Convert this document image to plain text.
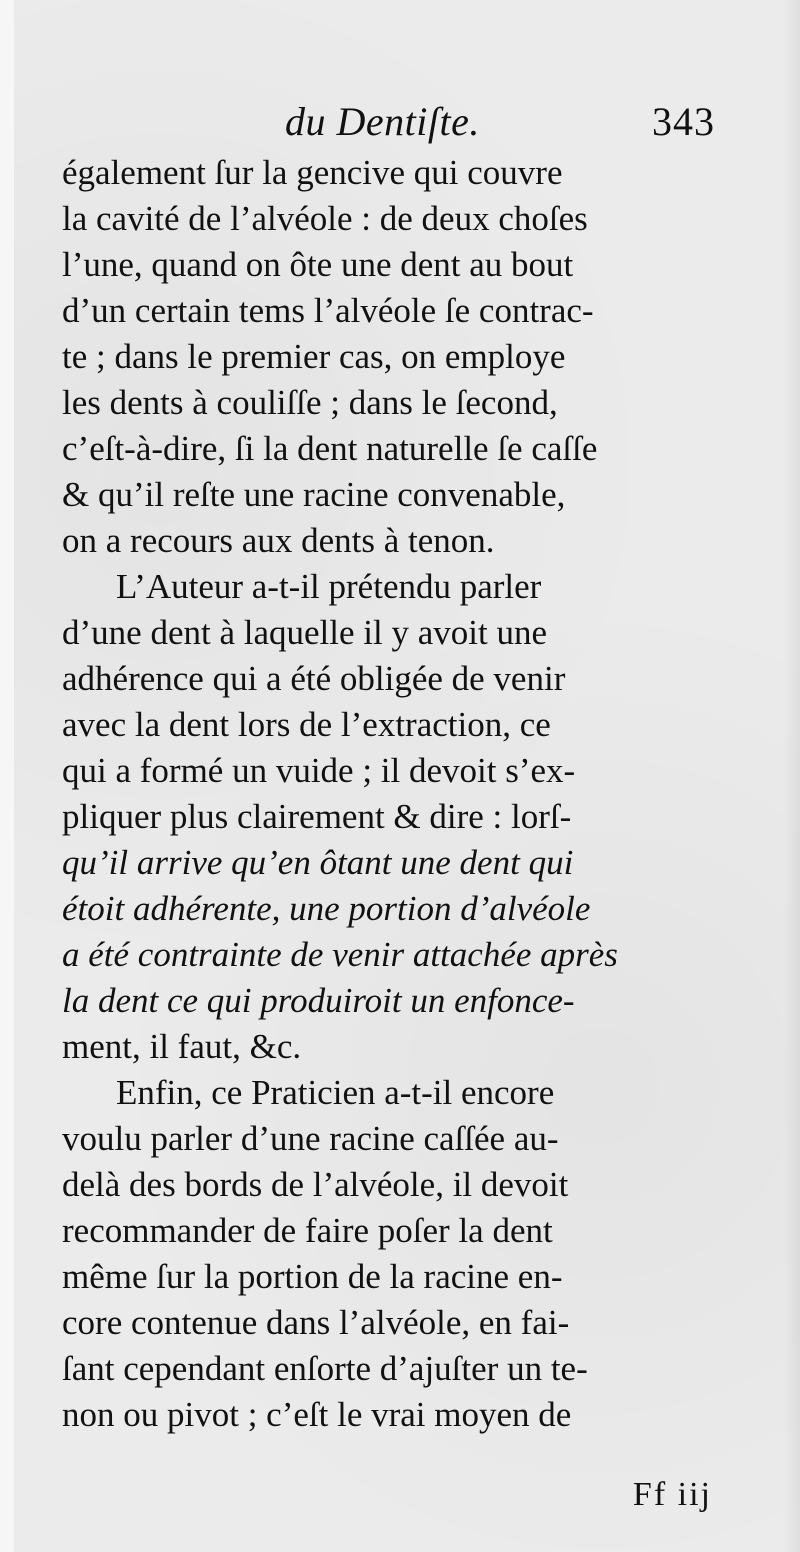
du Dentiſte.	343
également ſur la gencive qui couvre
la cavité de l’alvéole : de deux choſes
l’une, quand on ôte une dent au bout
d’un certain tems l’alvéole ſe contrac-
te ; dans le premier cas, on employe
les dents à couliſſe ; dans le ſecond,
c’eſt-à-dire, ſi la dent naturelle ſe caſſe
& qu’il reſte une racine convenable,
on a recours aux dents à tenon.
L’Auteur a-t-il prétendu parler
d’une dent à laquelle il y avoit une
adhérence qui a été obligée de venir
avec la dent lors de l’extraction, ce
qui a formé un vuide ; il devoit s’ex-
pliquer plus clairement & dire : lorſ-
qu’il arrive qu’en ôtant une dent qui
étoit adhérente, une portion d’alvéole
a été contrainte de venir attachée après
la dent ce qui produiroit un enfonce-
ment, il faut, &c.
Enfin, ce Praticien a-t-il encore
voulu parler d’une racine caſſée au-
delà des bords de l’alvéole, il devoit
recommander de faire poſer la dent
même ſur la portion de la racine en-
core contenue dans l’alvéole, en fai-
ſant cependant enſorte d’ajuſter un te-
non ou pivot ; c’eſt le vrai moyen de
Ff iij
